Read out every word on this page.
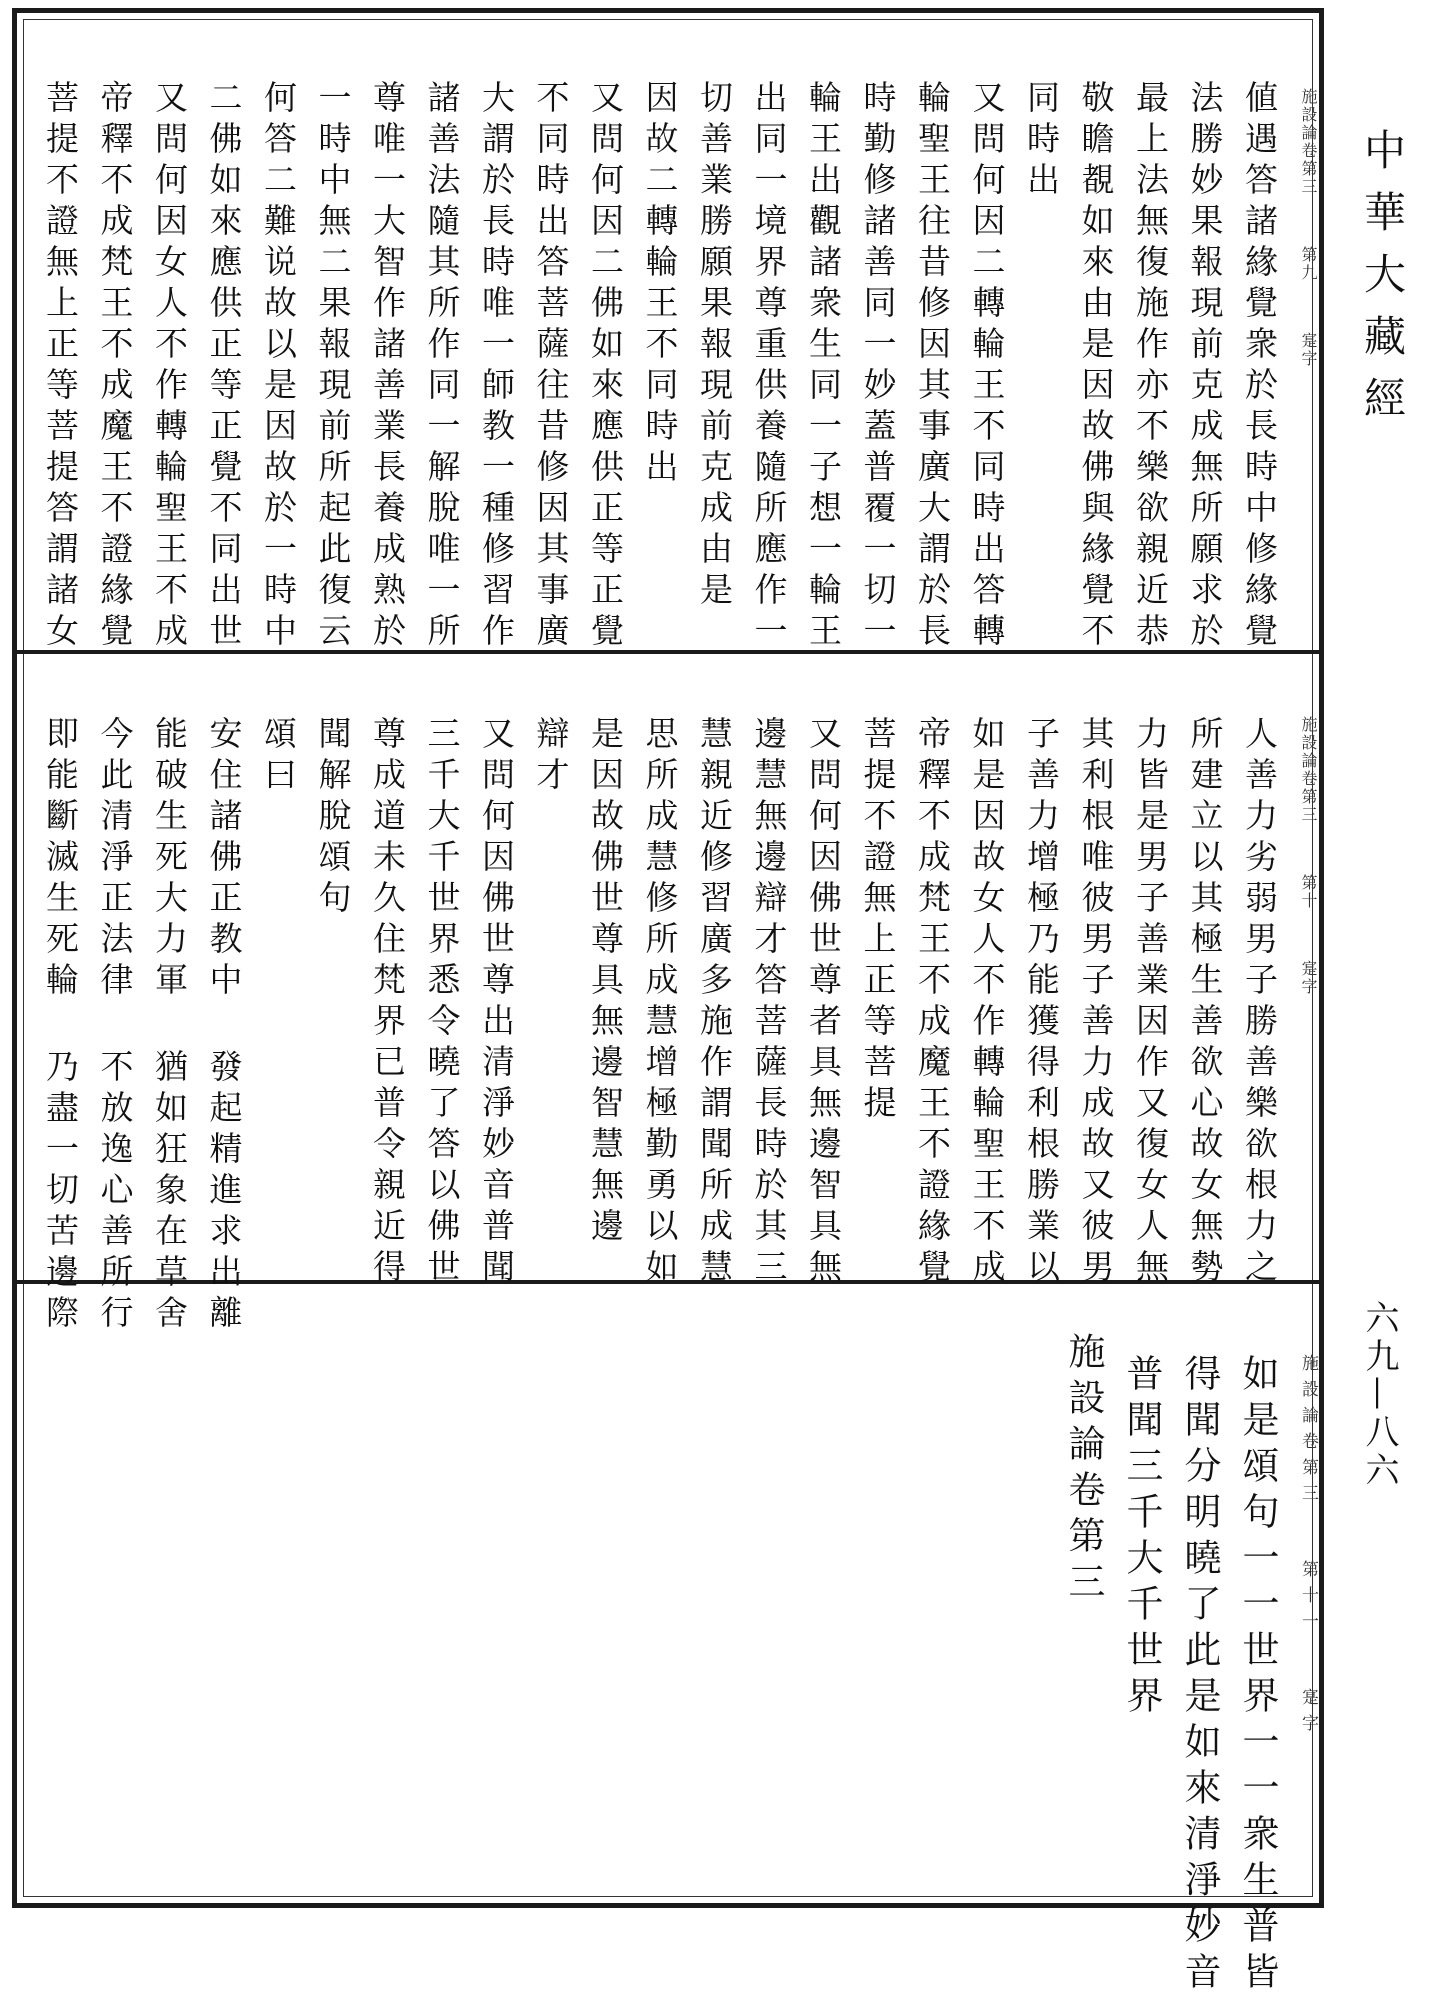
中
華
大
藏
經
六九—八六
施設論卷第三第九寔字
値遇答諸緣覺衆於長時中修緣覺
法勝妙果報現前克成無所願求於
最上法無復施作亦不樂欲親近恭
敬瞻覩如來由是因故佛與緣覺不
同時出
又問何因二轉輪王不同時出答轉
輪聖王往昔修因其事廣大謂於長
時勤修諸善同一妙蓋普覆一切一
輪王出觀諸衆生同一子想一輪王
出同一境界尊重供養隨所應作一
切善業勝願果報現前克成由是
因故二轉輪王不同時出
又問何因二佛如來應供正等正覺
不同時出答菩薩往昔修因其事廣
大謂於長時唯一師教一種修習作
諸善法隨其所作同一解脫唯一所
尊唯一大智作諸善業長養成熟於
一時中無二果報現前所起此復云
何答二難说故以是因故於一時中
二佛如來應供正等正覺不同出世
又問何因女人不作轉輪聖王不成
帝釋不成梵王不成魔王不證緣覺
菩提不證無上正等菩提答謂諸女
施設論卷第三第十寔字
人善力劣弱男子勝善樂欲根力之
所建立以其極生善欲心故女無勢
力皆是男子善業因作又復女人無
其利根唯彼男子善力成故又彼男
子善力增極乃能獲得利根勝業以
如是因故女人不作轉輪聖王不成
帝釋不成梵王不成魔王不證緣覺
菩提不證無上正等菩提
又問何因佛世尊者具無邊智具無
邊慧無邊辯才答菩薩長時於其三
慧親近修習廣多施作謂聞所成慧
思所成慧修所成慧增極勤勇以如
是因故佛世尊具無邊智慧無邊
辯才
又問何因佛世尊出清淨妙音普聞
三千大千世界悉令曉了答以佛世
尊成道未久住梵界已普令親近得
聞解脫頌句
頌曰
安住諸佛正教中發起精進求出離
能破生死大力軍猶如狂象在草舍
今此清淨正法律不放逸心善所行
即能斷滅生死輪乃盡一切苦邊際
施設論卷第三第十一寔字
如是頌句一一世界一一衆生普皆
得聞分明曉了此是如來清淨妙音
普聞三千大千世界
施設論卷第三
